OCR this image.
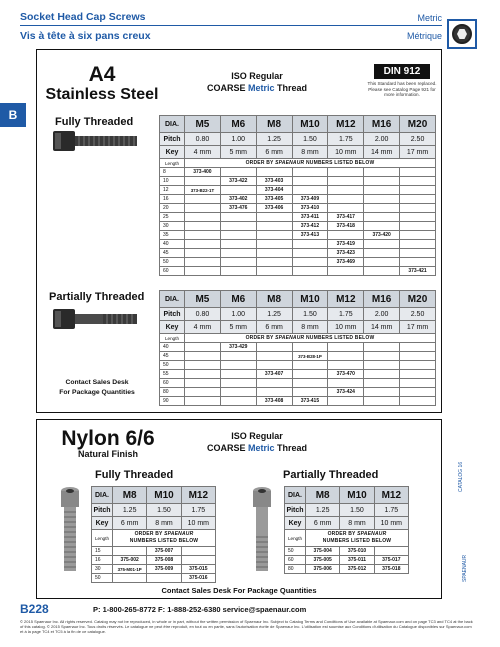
Socket Head Cap Screws
Vis à tête à six pans creux
Metric
Métrique
B
A4
Stainless Steel
ISO Regular
COARSE Metric Thread
DIN 912
This Standard has been replaced. Please see Catalog Page 921 for more information.
Fully Threaded	DIA.	M5	M6	M8	M10	M12	M16	M20
Pitch	0.80	1.00	1.25	1.50	1.75	2.00	2.50
Key	4 mm	5 mm	6 mm	8 mm	10 mm	14 mm	17 mm
Length	ORDER BY SPAENAUR NUMBERS LISTED BELOW						
8	373-400						
10		373-422	373-403				
12	373-B22-1T		373-404				
16		373-402	373-405	373-409			
20		373-476	373-406	373-410			
25				373-411	373-417		
30				373-412	373-418		
35				373-413		373-420	
40					373-419		
45					373-423		
50					373-469		
60							373-421
Partially Threaded	DIA.	M5	M6	M8	M10	M12	M16	M20
Pitch	0.80	1.00	1.25	1.50	1.75	2.00	2.50
Key	4 mm	5 mm	6 mm	8 mm	10 mm	14 mm	17 mm
Length	ORDER BY SPAENAUR NUMBERS LISTED BELOW						
40		373-429					
45				373-B28-1P			
50							
55			373-407		373-470		
60							
80					373-424		
90			373-408	373-415			
Contact Sales Desk
For Package Quantities
Nylon 6/6
Natural Finish
ISO Regular
COARSE Metric Thread
Fully Threaded
DIA.	M8	M10	M12
Pitch	1.25	1.50	1.75
Key	6 mm	8 mm	10 mm
Length	ORDER BY SPAENAUR
NUMBERS LISTED BELOW		
15		375-007	
16	375-002	375-008	
30	375-M01-1P	375-009	375-015
50			375-016
Partially Threaded
DIA.	M8	M10	M12
Pitch	1.25	1.50	1.75
Key	6 mm	8 mm	10 mm
Length	ORDER BY SPAENAUR
NUMBERS LISTED BELOW		
50	375-004	375-010	
60	375-005	375-011	375-017
80	375-006	375-012	375-018
Contact Sales Desk For Package Quantities
CATALOG 16
SPAENAUR
B228	P: 1-800-265-8772 F: 1-888-252-6380 service@spaenaur.com
© 2015 Spaenaur Inc. All rights reserved. Catalog may not be reproduced, in whole or in part, without the written permission of Spaenaur Inc. Subject to Catalog Terms and Conditions of Use available at Spaenaur.com and on page TC3 and TC4 at the back of this catalog. © 2015 Spaenaur Inc. Tous droits réservés. Le catalogue ne peut être reproduit, en tout ou en partie, sans l'autorisation écrite de Spaenaur Inc. L'utilisation est soumise aux Conditions d'utilisation du Catalogue disponibles sur Spaenaur.com et à la page TC4 et TC5 à la fin de ce catalogue.
